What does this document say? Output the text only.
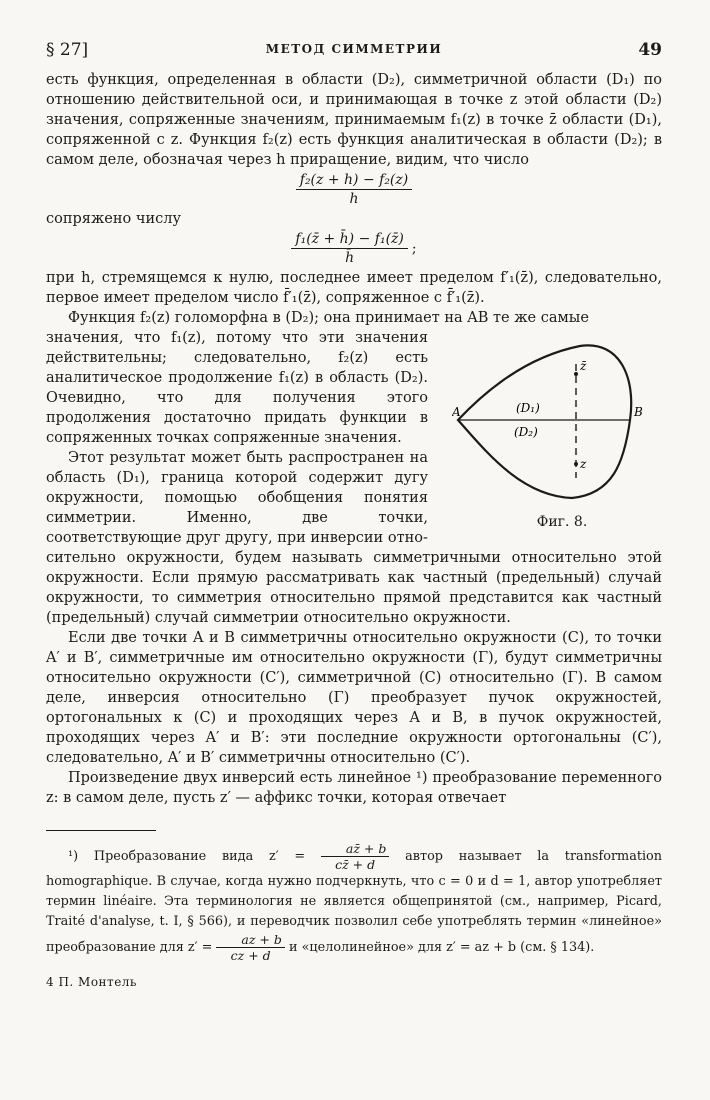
§ 27]	МЕТОД СИММЕТРИИ	49

есть функция, определенная в области (D₂), симметричной области (D₁) по отношению действительной оси, и принимающая в точке z этой области (D₂) значения, сопряженные значениям, принимаемым f₁(z) в точке z̄ области (D₁), сопряженной с z. Функция f₂(z) есть функция аналитическая в области (D₂); в самом деле, обозначая через h приращение, видим, что число

$\frac{\text{f₂(z + h) − f₂(z)}}{h}$

сопряжено числу

$\frac{\text{f₁(z̄ + h̄) − f₁(z̄)}}{h̄}$ ;

при h, стремящемся к нулю, последнее имеет пределом f′₁(z̄), следовательно, первое имеет пределом число f̄′₁(z̄), сопряженное с f̄′₁(z̄).

Функция f₂(z) голоморфна в (D₂); она принимает на AB те же самые

A	B
(D₁)
(D₂)
z̄
z
Фиг. 8.

значения, что f₁(z), потому что эти значения действительны; следовательно, f₂(z) есть аналитическое продолжение f₁(z) в область (D₂). Очевидно, что для получения этого продолжения достаточно придать функции в сопряженных точках сопряженные значения.

Этот результат может быть распространен на область (D₁), граница которой содержит дугу окружности, помощью обобщения понятия симметрии. Именно, две точки, соответствующие друг другу, при инверсии отно-

сительно окружности, будем называть симметричными относительно этой окружности. Если прямую рассматривать как частный (предельный) случай окружности, то симметрия относительно прямой представится как частный (предельный) случай симметрии относительно окружности.

Если две точки A и B симметричны относительно окружности (C), то точки A′ и B′, симметричные им относительно окружности (Γ), будут симметричны относительно окружности (C′), симметричной (C) относительно (Γ). В самом деле, инверсия относительно (Γ) преобразует пучок окружностей, ортогональных к (C) и проходящих через A и B, в пучок окружностей, проходящих через A′ и B′: эти последние окружности ортогональны (C′), следовательно, A′ и B′ симметричны относительно (C′).

Произведение двух инверсий есть линейное ¹) преобразование переменного z: в самом деле, пусть z′ — аффикс точки, которая отвечает

¹) Преобразование вида $z' = \frac{az̄ + b}{cz̄ + d}$ автор называет la transformation homographique. В случае, когда нужно подчеркнуть, что c = 0 и d = 1, автор употребляет термин linéaire. Эта терминология не является общепринятой (см., например, Picard, Traité d'analyse, t. I, § 566), и переводчик позволил себе употреблять термин «линейное» преобразование для $z' = \frac{az + b}{cz + d}$ и «целолинейное» для z′ = az + b (см. § 134).

4 П. Монтель
